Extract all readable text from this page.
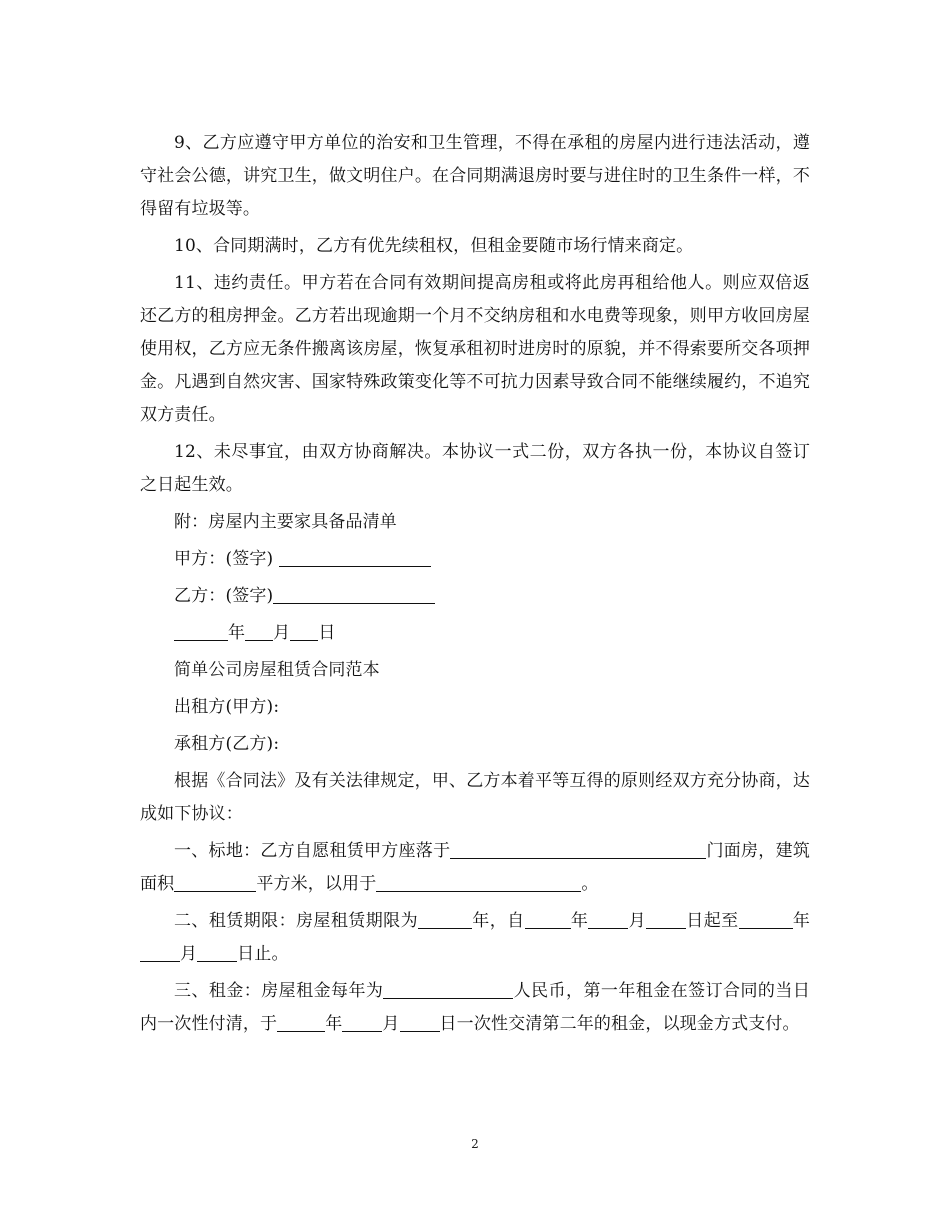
9、乙方应遵守甲方单位的治安和卫生管理，不得在承租的房屋内进行违法活动，遵守社会公德，讲究卫生，做文明住户。在合同期满退房时要与进住时的卫生条件一样，不得留有垃圾等。

10、合同期满时，乙方有优先续租权，但租金要随市场行情来商定。

11、违约责任。甲方若在合同有效期间提高房租或将此房再租给他人。则应双倍返还乙方的租房押金。乙方若出现逾期一个月不交纳房租和水电费等现象，则甲方收回房屋使用权，乙方应无条件搬离该房屋，恢复承租初时进房时的原貌，并不得索要所交各项押金。凡遇到自然灾害、国家特殊政策变化等不可抗力因素导致合同不能继续履约，不追究双方责任。

12、未尽事宜，由双方协商解决。本协议一式二份，双方各执一份，本协议自签订之日起生效。

附：房屋内主要家具备品清单

甲方：(签字)

乙方：(签字)

年 月 日

简单公司房屋租赁合同范本

出租方(甲方):

承租方(乙方):

根据《合同法》及有关法律规定，甲、乙方本着平等互得的原则经双方充分协商，达成如下协议：

一、标地：乙方自愿租赁甲方座落于	门面房，建筑面积	平方米，以用于	。

二、租赁期限：房屋租赁期限为	年，自	年 月 日起至	年月 日止。

三、租金：房屋租金每年为	人民币，第一年租金在签订合同的当日内一次性付清，于	年 月 日一次性交清第二年的租金，以现金方式支付。

2
